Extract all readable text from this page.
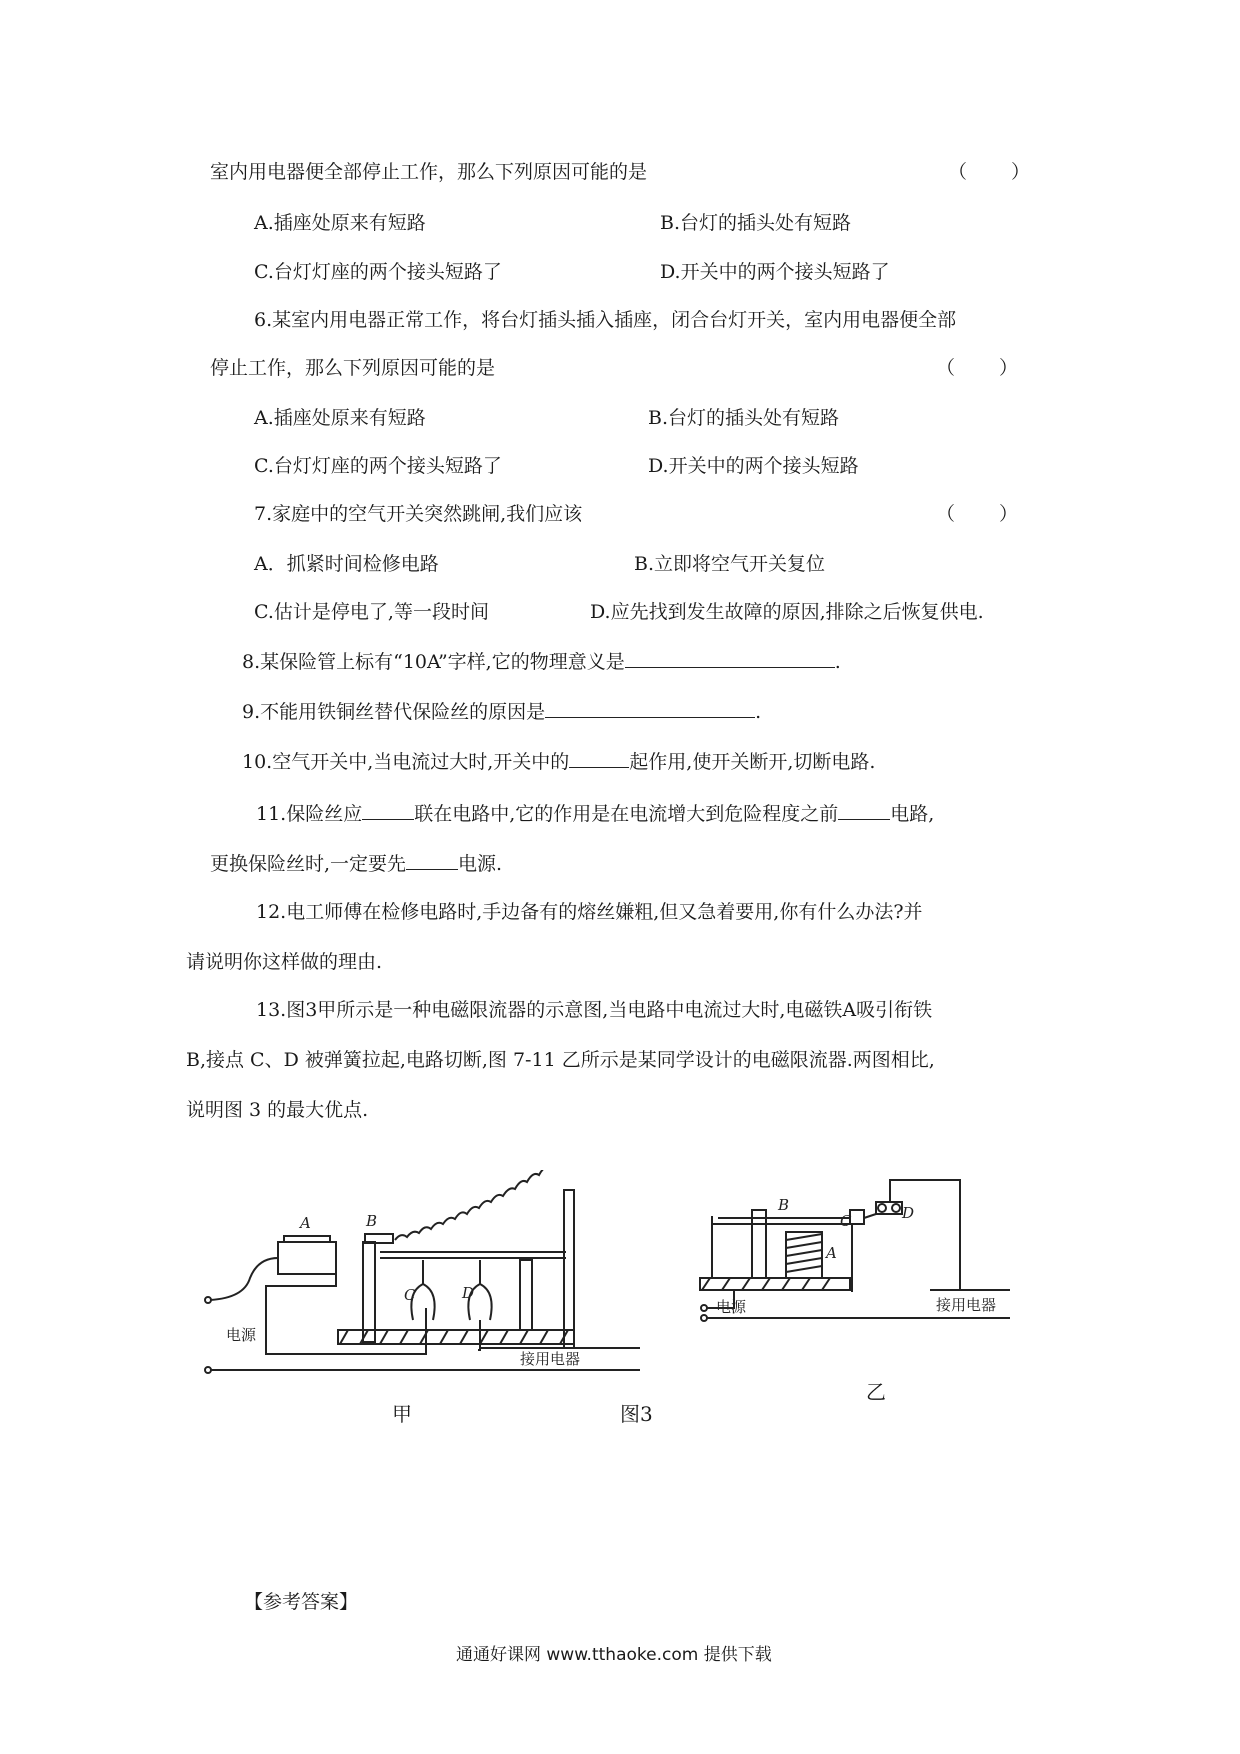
室内用电器便全部停止工作，那么下列原因可能的是	（　　）
A.插座处原来有短路	B.台灯的插头处有短路
C.台灯灯座的两个接头短路了	D.开关中的两个接头短路了
6.某室内用电器正常工作，将台灯插头插入插座，闭合台灯开关，室内用电器便全部
停止工作，那么下列原因可能的是	（　　）
A.插座处原来有短路	B.台灯的插头处有短路
C.台灯灯座的两个接头短路了	D.开关中的两个接头短路
7.家庭中的空气开关突然跳闸,我们应该	（　　）
A．抓紧时间检修电路	B.立即将空气开关复位
C.估计是停电了,等一段时间	D.应先找到发生故障的原因,排除之后恢复供电.
8.某保险管上标有“10A”字样,它的物理意义是	.
9.不能用铁铜丝替代保险丝的原因是	.
10.空气开关中,当电流过大时,开关中的	起作用,使开关断开,切断电路.
11.保险丝应	联在电路中,它的作用是在电流增大到危险程度之前	电路,
更换保险丝时,一定要先	电源.
12.电工师傅在检修电路时,手边备有的熔丝嫌粗,但又急着要用,你有什么办法?并
请说明你这样做的理由.
13.图3甲所示是一种电磁限流器的示意图,当电路中电流过大时,电磁铁A吸引衔铁
B,接点 C、D 被弹簧拉起,电路切断,图 7-11 乙所示是某同学设计的电磁限流器.两图相比,
说明图 3 的最大优点.
A	B
C	D
电源
接用电器
B
C	D
A
电源	接用电器
甲	图3
乙
【参考答案】
通通好课网 www.tthaoke.com 提供下载
